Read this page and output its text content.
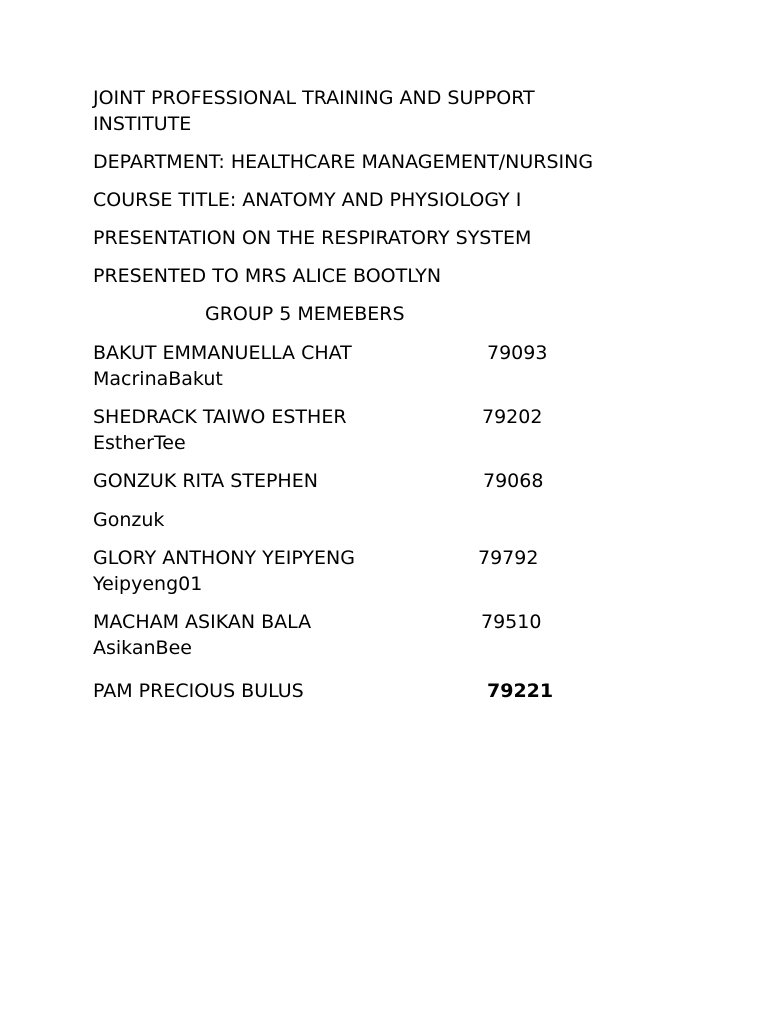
JOINT PROFESSIONAL TRAINING AND SUPPORT
INSTITUTE
DEPARTMENT: HEALTHCARE MANAGEMENT/NURSING
COURSE TITLE: ANATOMY AND PHYSIOLOGY I
PRESENTATION ON THE RESPIRATORY SYSTEM
PRESENTED TO MRS ALICE BOOTLYN
GROUP 5 MEMEBERS
BAKUT EMMANUELLA CHAT	79093
MacrinaBakut
SHEDRACK TAIWO ESTHER	79202
EstherTee
GONZUK RITA STEPHEN	79068
Gonzuk
GLORY ANTHONY YEIPYENG	79792
Yeipyeng01
MACHAM ASIKAN BALA	79510
AsikanBee
PAM PRECIOUS BULUS	79221
